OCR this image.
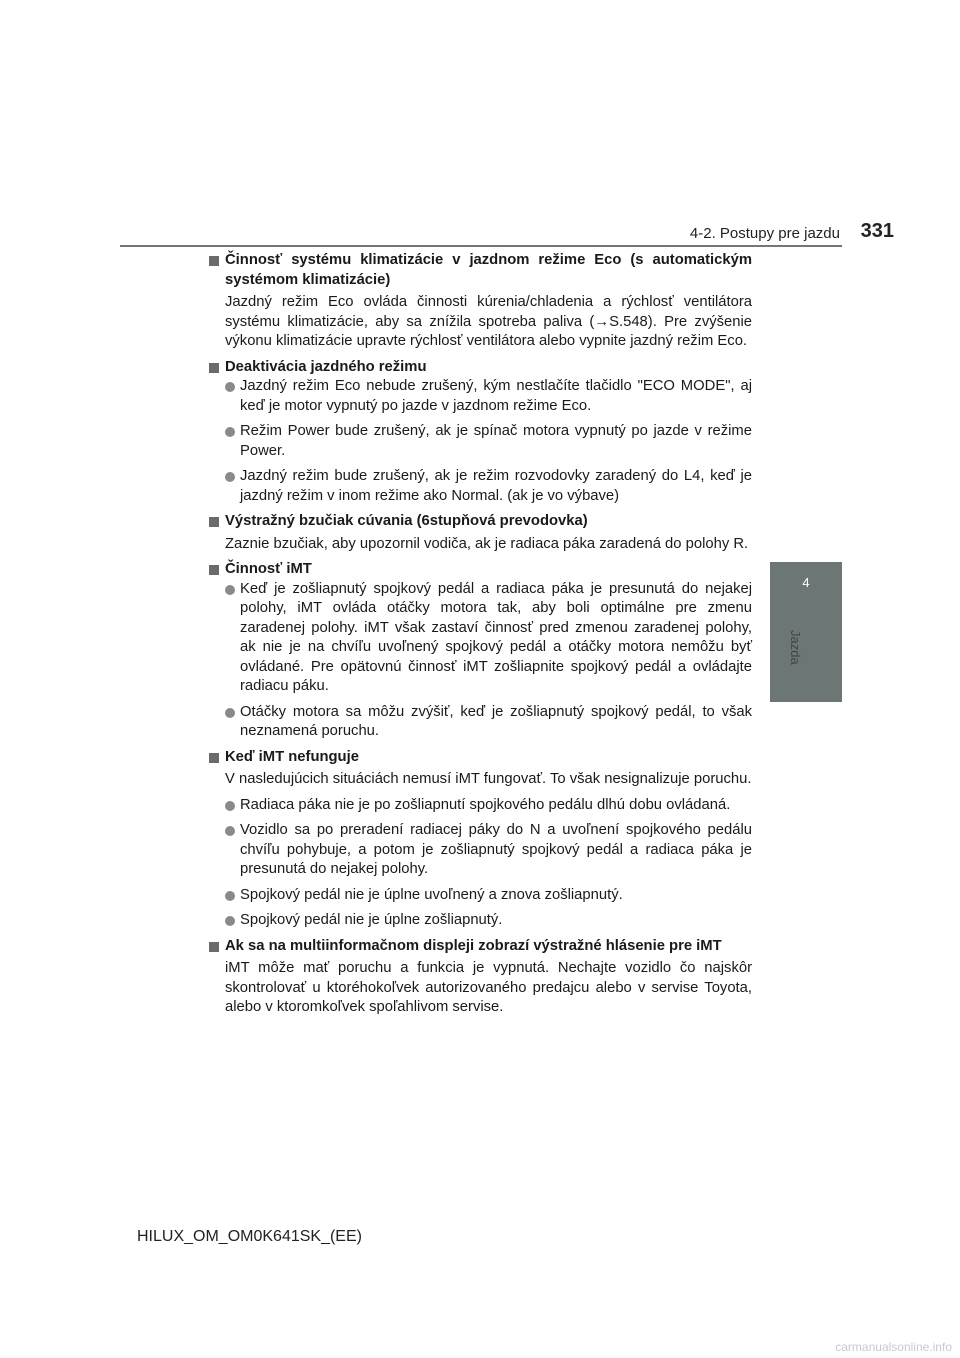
4-2. Postupy pre jazdu 331
4
Jazda
Činnosť systému klimatizácie v jazdnom režime Eco (s automatickým systémom klimatizácie)
Jazdný režim Eco ovláda činnosti kúrenia/chladenia a rýchlosť ventilátora systému klimatizácie, aby sa znížila spotreba paliva (→S.548). Pre zvýšenie výkonu klimatizácie upravte rýchlosť ventilátora alebo vypnite jazdný režim Eco.
Deaktivácia jazdného režimu
Jazdný režim Eco nebude zrušený, kým nestlačíte tlačidlo "ECO MODE", aj keď je motor vypnutý po jazde v jazdnom režime Eco.
Režim Power bude zrušený, ak je spínač motora vypnutý po jazde v režime Power.
Jazdný režim bude zrušený, ak je režim rozvodovky zaradený do L4, keď je jazdný režim v inom režime ako Normal. (ak je vo výbave)
Výstražný bzučiak cúvania (6stupňová prevodovka)
Zaznie bzučiak, aby upozornil vodiča, ak je radiaca páka zaradená do polohy R.
Činnosť iMT
Keď je zošliapnutý spojkový pedál a radiaca páka je presunutá do nejakej polohy, iMT ovláda otáčky motora tak, aby boli optimálne pre zmenu zaradenej polohy. iMT však zastaví činnosť pred zmenou zaradenej polohy, ak nie je na chvíľu uvoľnený spojkový pedál a otáčky motora nemôžu byť ovládané. Pre opätovnú činnosť iMT zošliapnite spojkový pedál a ovládajte radiacu páku.
Otáčky motora sa môžu zvýšiť, keď je zošliapnutý spojkový pedál, to však neznamená poruchu.
Keď iMT nefunguje
V nasledujúcich situáciách nemusí iMT fungovať. To však nesignalizuje poruchu.
Radiaca páka nie je po zošliapnutí spojkového pedálu dlhú dobu ovládaná.
Vozidlo sa po preradení radiacej páky do N a uvoľnení spojkového pedálu chvíľu pohybuje, a potom je zošliapnutý spojkový pedál a radiaca páka je presunutá do nejakej polohy.
Spojkový pedál nie je úplne uvoľnený a znova zošliapnutý.
Spojkový pedál nie je úplne zošliapnutý.
Ak sa na multiinformačnom displeji zobrazí výstražné hlásenie pre iMT
iMT môže mať poruchu a funkcia je vypnutá. Nechajte vozidlo čo najskôr skontrolovať u ktoréhokoľvek autorizovaného predajcu alebo v servise Toyota, alebo v ktoromkoľvek spoľahlivom servise.
HILUX_OM_OM0K641SK_(EE)
carmanualsonline.info
